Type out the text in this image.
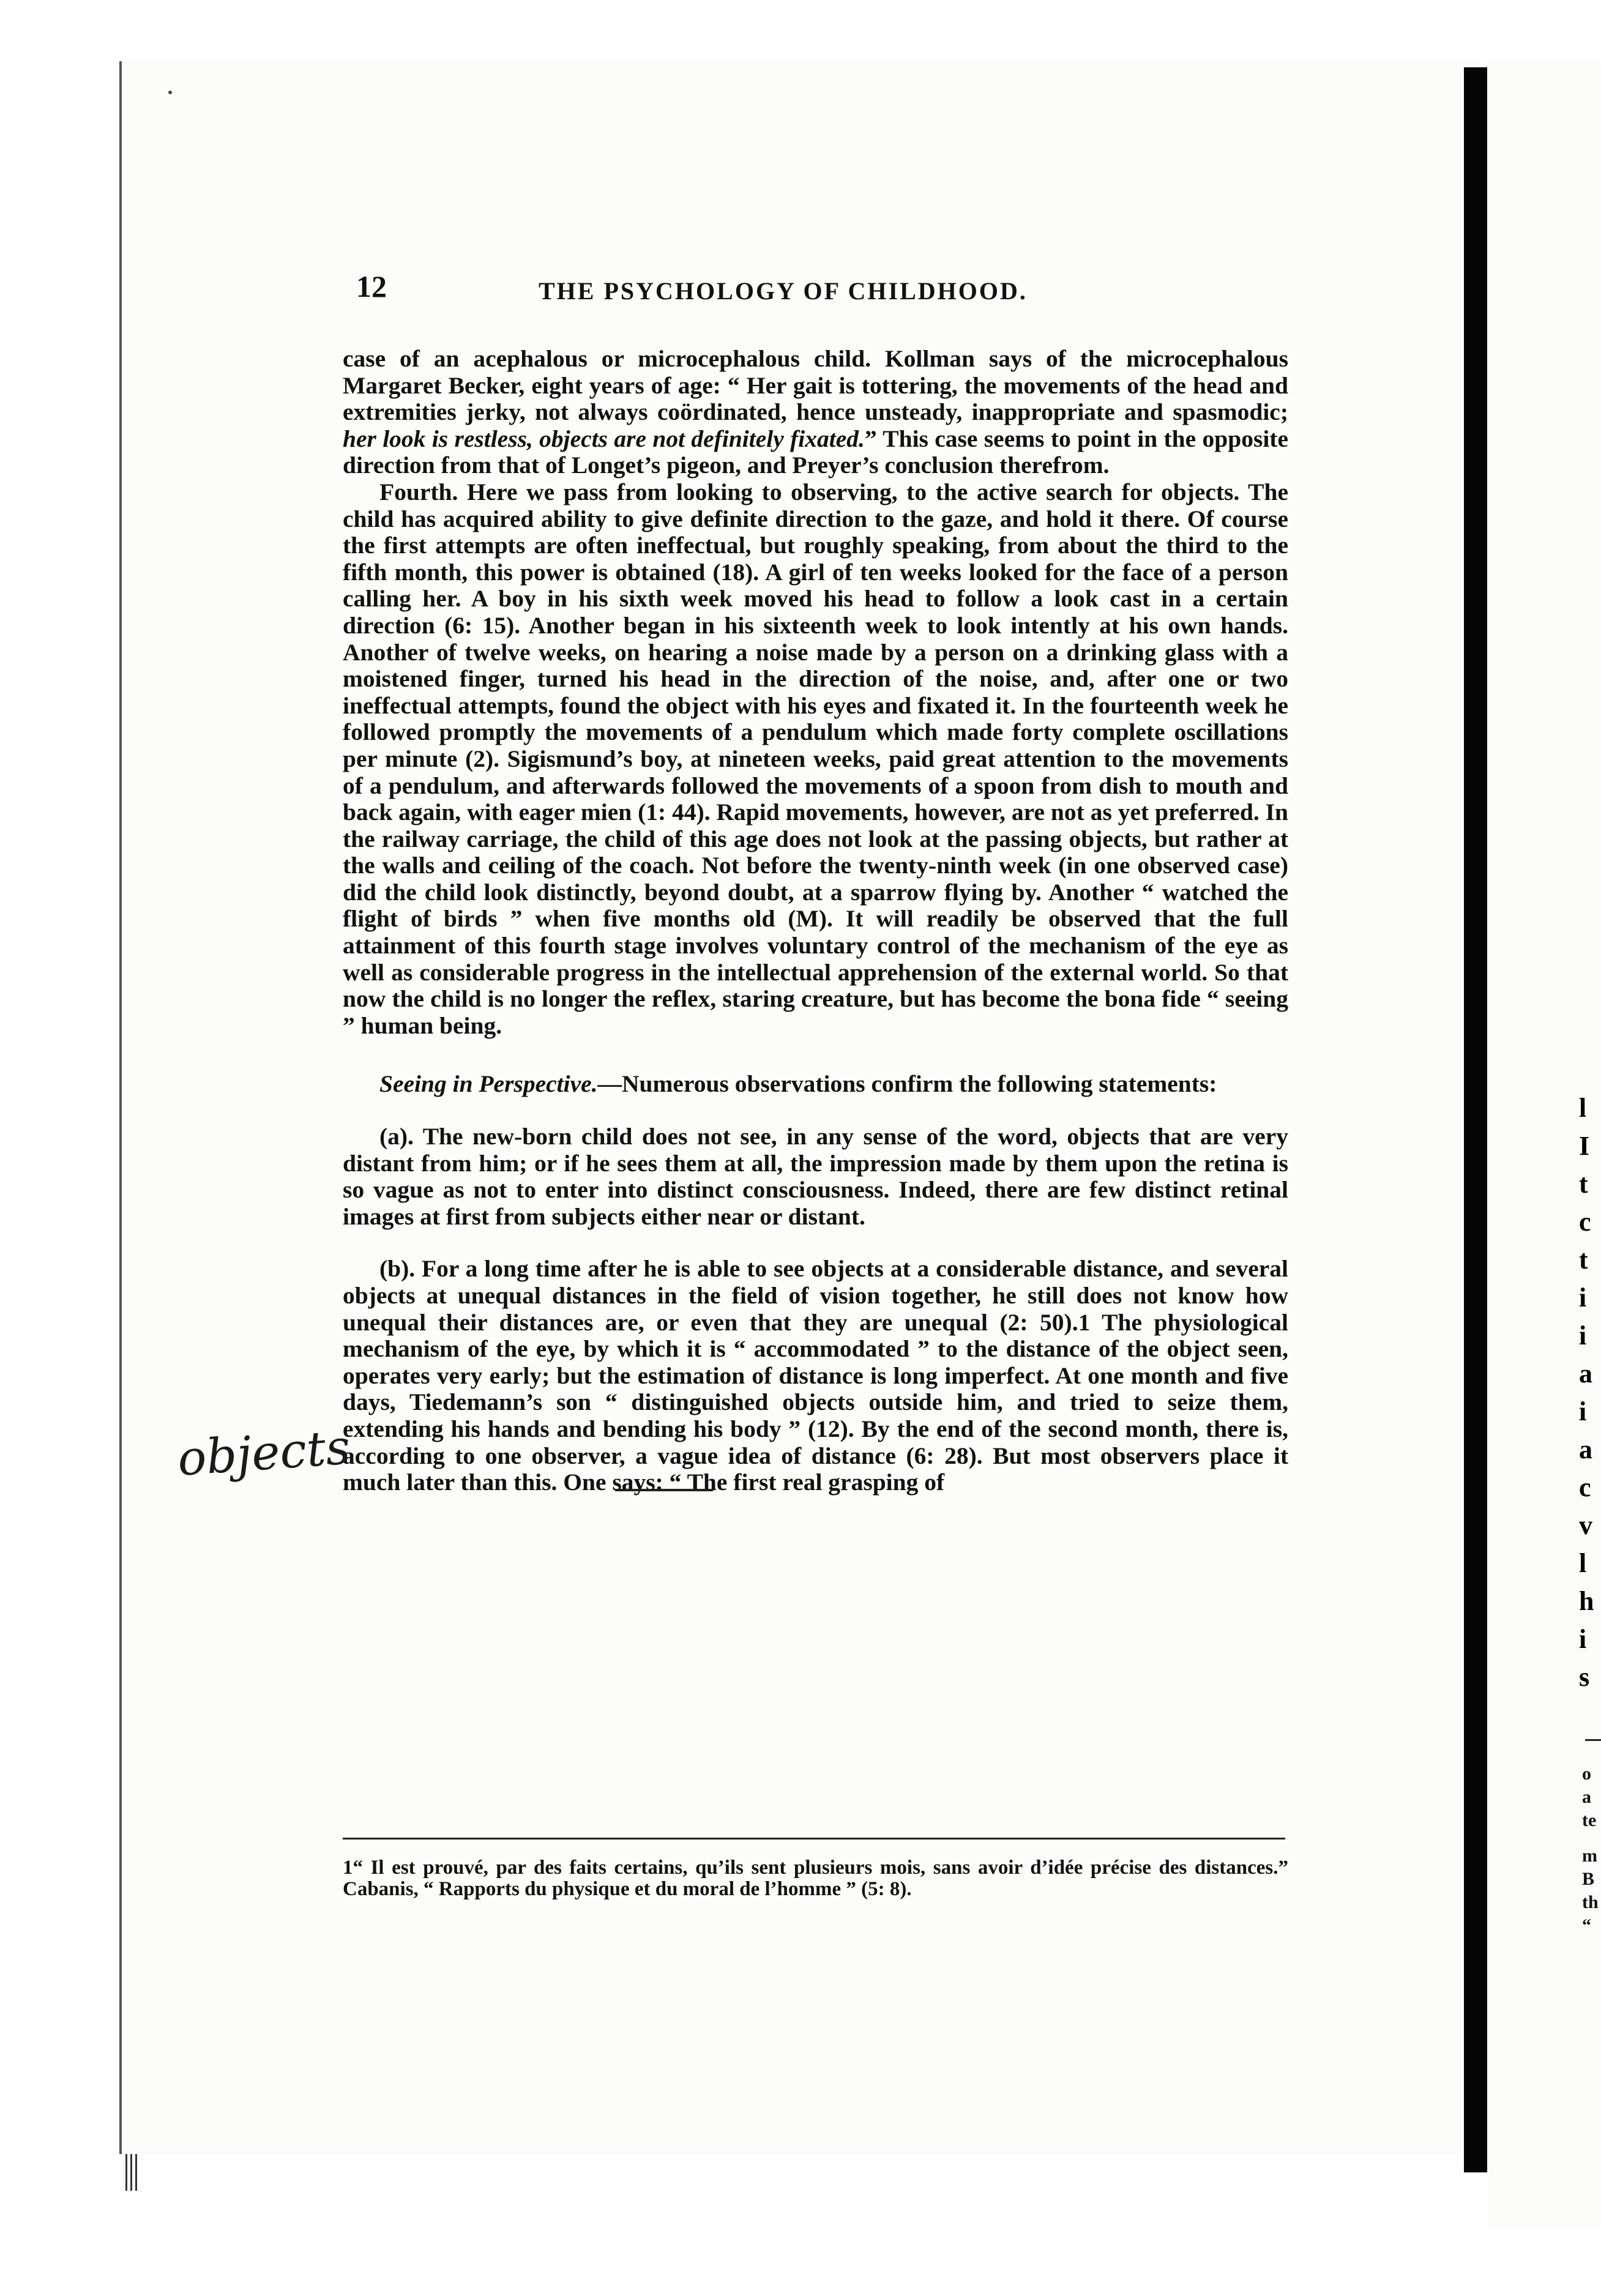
12	THE PSYCHOLOGY OF CHILDHOOD.

case of an acephalous or microcephalous child. Kollman says of the microcephalous Margaret Becker, eight years of age: “ Her gait is tottering, the movements of the head and extremities jerky, not always coördinated, hence unsteady, inappropriate and spasmodic; her look is restless, objects are not definitely fixated.” This case seems to point in the opposite direction from that of Longet’s pigeon, and Preyer’s conclusion therefrom.

Fourth. Here we pass from looking to observing, to the active search for objects. The child has acquired ability to give definite direction to the gaze, and hold it there. Of course the first attempts are often ineffectual, but roughly speaking, from about the third to the fifth month, this power is obtained (18). A girl of ten weeks looked for the face of a person calling her. A boy in his sixth week moved his head to follow a look cast in a certain direction (6: 15). Another began in his sixteenth week to look intently at his own hands. Another of twelve weeks, on hearing a noise made by a person on a drinking glass with a moistened finger, turned his head in the direction of the noise, and, after one or two ineffectual attempts, found the object with his eyes and fixated it. In the fourteenth week he followed promptly the movements of a pendulum which made forty complete oscillations per minute (2). Sigismund’s boy, at nineteen weeks, paid great attention to the movements of a pendulum, and afterwards followed the movements of a spoon from dish to mouth and back again, with eager mien (1: 44). Rapid movements, however, are not as yet preferred. In the railway carriage, the child of this age does not look at the passing objects, but rather at the walls and ceiling of the coach. Not before the twenty-ninth week (in one observed case) did the child look distinctly, beyond doubt, at a sparrow flying by. Another “ watched the flight of birds ” when five months old (M). It will readily be observed that the full attainment of this fourth stage involves voluntary control of the mechanism of the eye as well as considerable progress in the intellectual apprehension of the external world. So that now the child is no longer the reflex, staring creature, but has become the bona fide “ seeing ” human being.

Seeing in Perspective.—Numerous observations confirm the following statements:

(a). The new-born child does not see, in any sense of the word, objects that are very distant from him; or if he sees them at all, the impression made by them upon the retina is so vague as not to enter into distinct consciousness. Indeed, there are few distinct retinal images at first from subjects either near or distant.

(b). For a long time after he is able to see objects at a considerable distance, and several objects at unequal distances in the field of vision together, he still does not know how unequal their distances are, or even that they are unequal (2: 50).1 The physiological mechanism of the eye, by which it is “ accommodated ” to the distance of the object seen, operates very early; but the estimation of distance is long imperfect. At one month and five days, Tiedemann’s son “ distinguished objects outside him, and tried to seize them, extending his hands and bending his body ” (12). By the end of the second month, there is, according to one observer, a vague idea of distance (6: 28). But most observers place it much later than this. One says: “ The first real grasping of

objects
1“ Il est prouvé, par des faits certains, qu’ils sent plusieurs mois, sans avoir d’idée précise des distances.” Cabanis, “ Rapports du physique et du moral de l’homme ” (5: 8).
l
I
t
c
t
i
i
a
i
a
c
v
l
h
i
s
o
a
te
m
B
th
“
